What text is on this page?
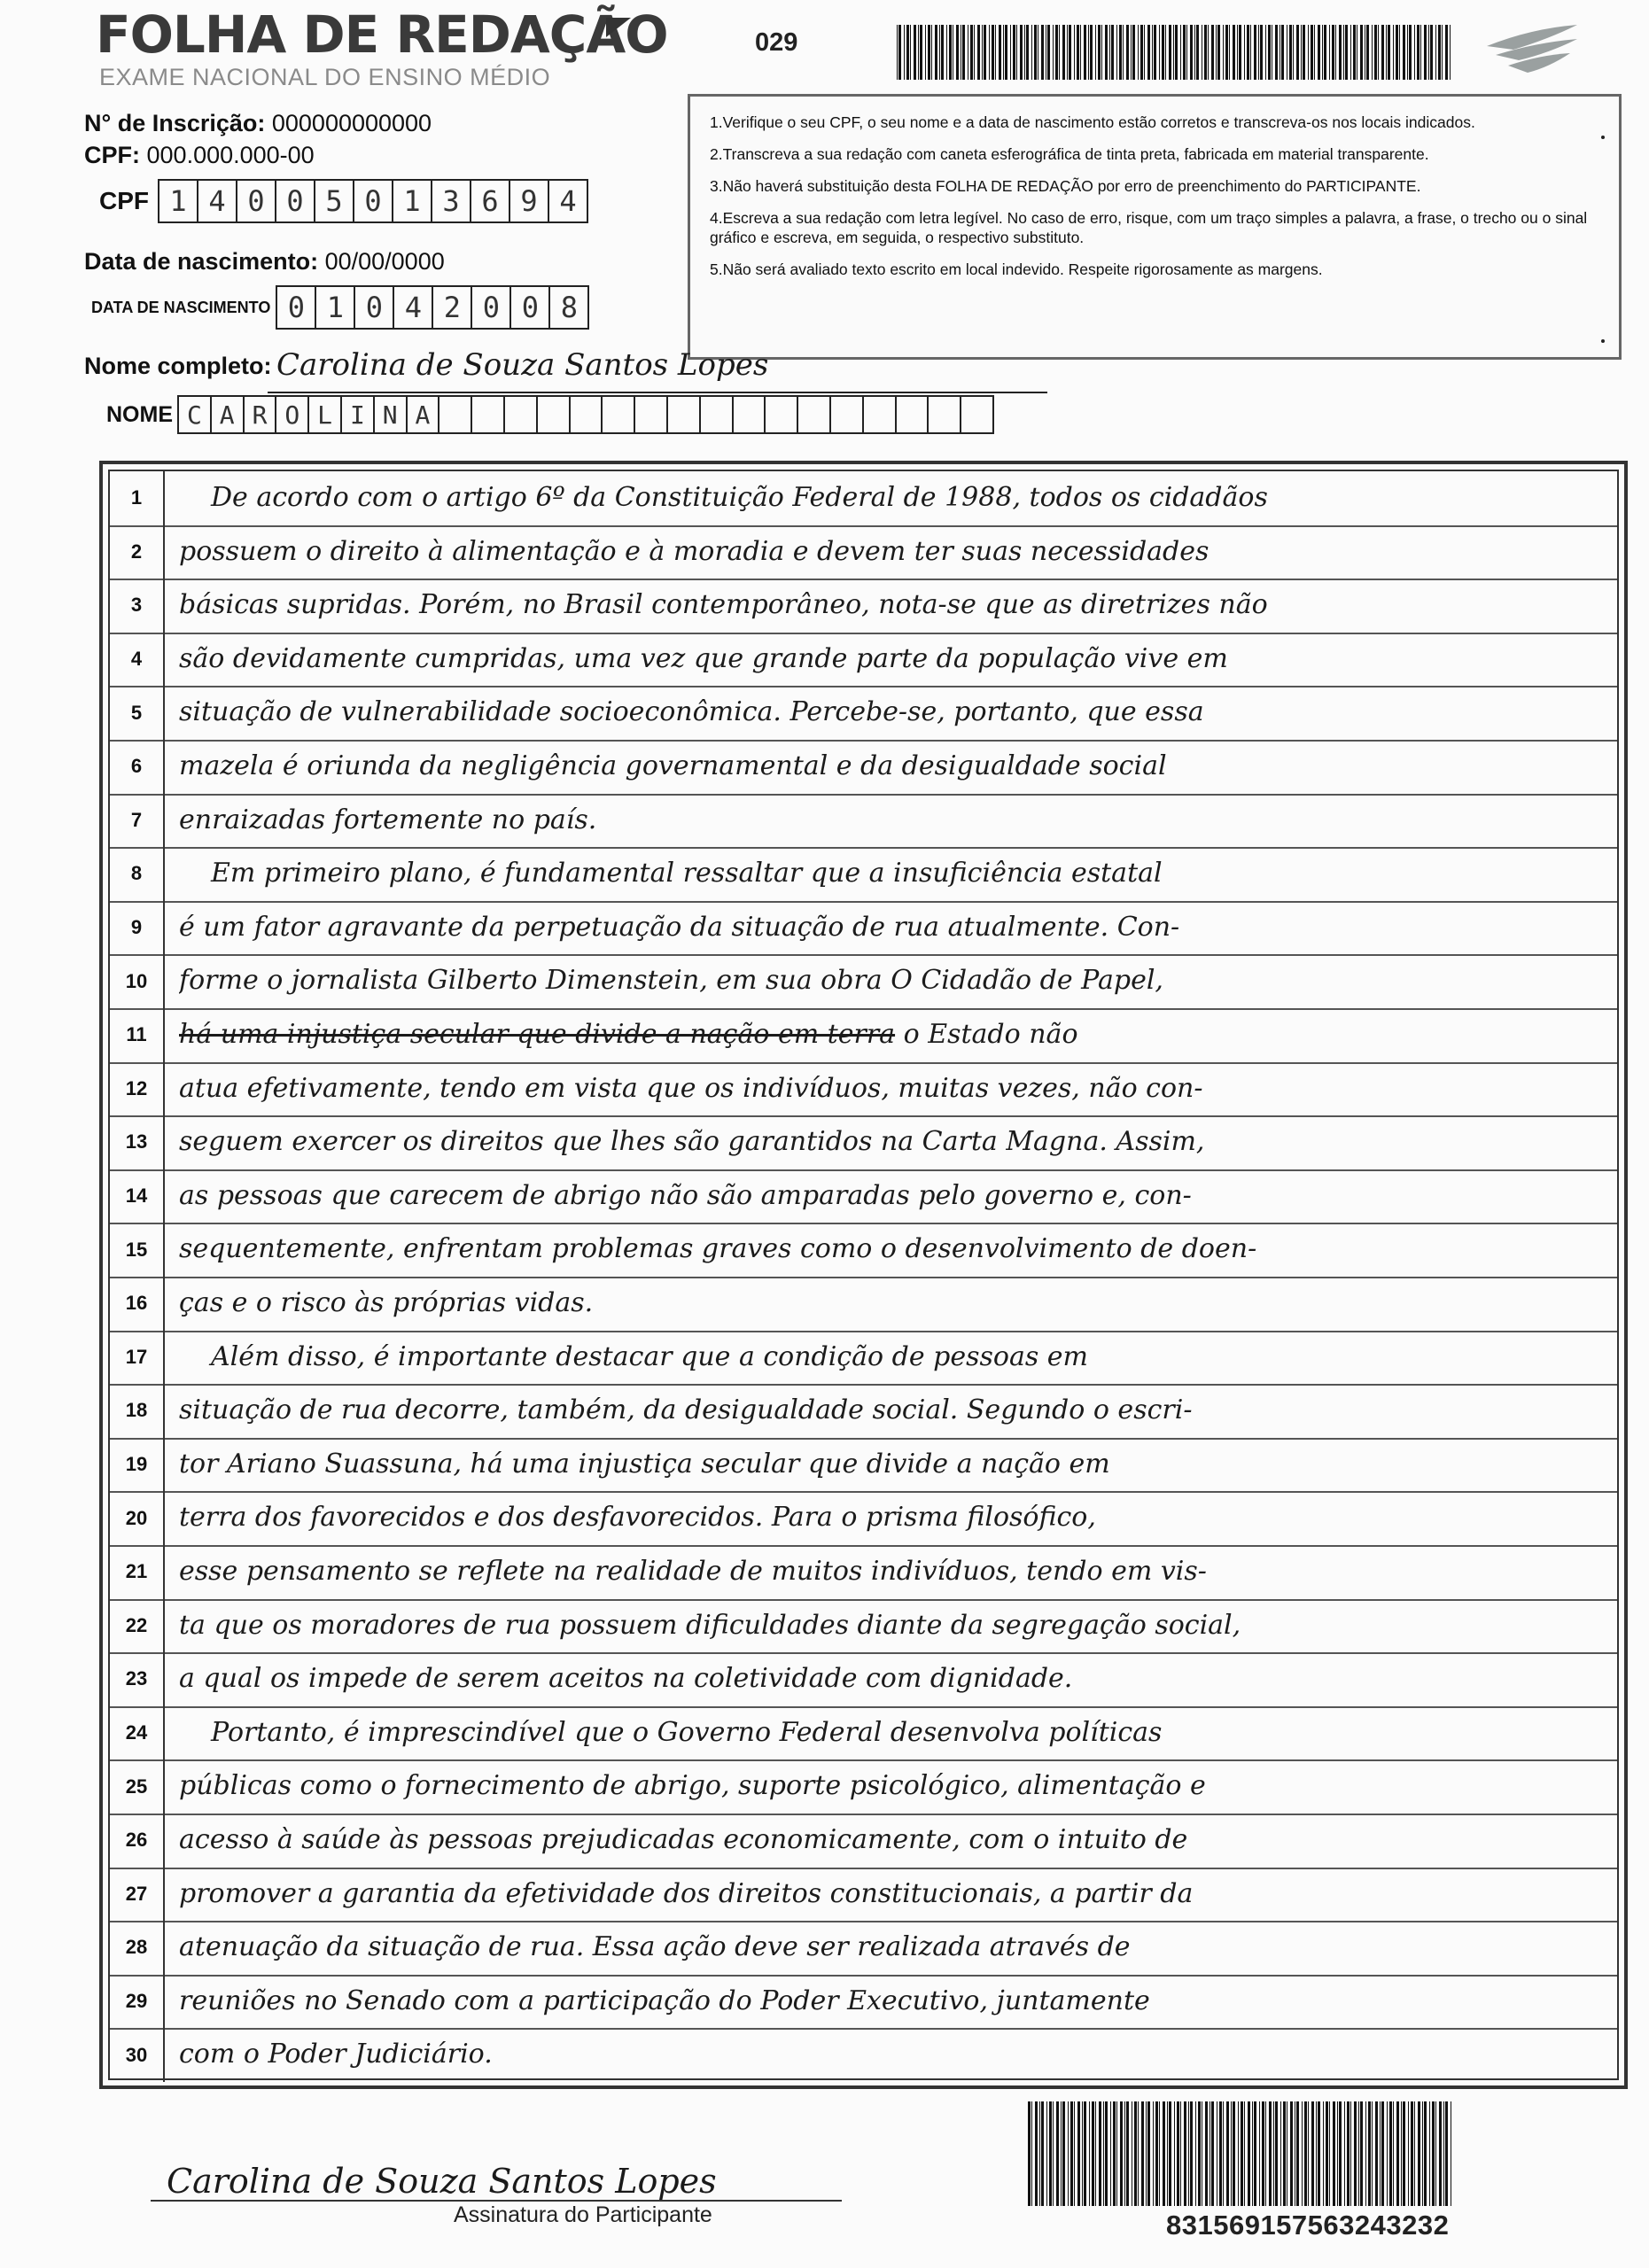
FOLHA DE REDAÇÃO
EXAME NACIONAL DO ENSINO MÉDIO
029
N° de Inscrição: 000000000000
CPF: 000.000.000-00
CPF 1 4 0 0 5 0 1 3 6 9 4
Data de nascimento: 00/00/0000
DATA DE NASCIMENTO 0 1 0 4 2 0 0 8

1.Verifique o seu CPF, o seu nome e a data de nascimento estão corretos e transcreva-os nos locais indicados.

2.Transcreva a sua redação com caneta esferográfica de tinta preta, fabricada em material transparente.

3.Não haverá substituição desta FOLHA DE REDAÇÃO por erro de preenchimento do PARTICIPANTE.

4.Escreva a sua redação com letra legível. No caso de erro, risque, com um traço simples a palavra, a frase, o trecho ou o sinal gráfico e escreva, em seguida, o respectivo substituto.

5.Não será avaliado texto escrito em local indevido. Respeite rigorosamente as margens.

Nome completo: Carolina de Souza Santos Lopes
NOME C A R O L I N A
1	De acordo com o artigo 6º da Constituição Federal de 1988, todos os cidadãos
2	possuem o direito à alimentação e à moradia e devem ter suas necessidades
3	básicas supridas. Porém, no Brasil contemporâneo, nota-se que as diretrizes não
4	são devidamente cumpridas, uma vez que grande parte da população vive em
5	situação de vulnerabilidade socioeconômica. Percebe-se, portanto, que essa
6	mazela é oriunda da negligência governamental e da desigualdade social
7	enraizadas fortemente no país.
8	Em primeiro plano, é fundamental ressaltar que a insuficiência estatal
9	é um fator agravante da perpetuação da situação de rua atualmente. Con-
10	forme o jornalista Gilberto Dimenstein, em sua obra O Cidadão de Papel,
11	há uma injustiça secular que divide a nação em terra o Estado não
12	atua efetivamente, tendo em vista que os indivíduos, muitas vezes, não con-
13	seguem exercer os direitos que lhes são garantidos na Carta Magna. Assim,
14	as pessoas que carecem de abrigo não são amparadas pelo governo e, con-
15	sequentemente, enfrentam problemas graves como o desenvolvimento de doen-
16	ças e o risco às próprias vidas.
17	Além disso, é importante destacar que a condição de pessoas em
18	situação de rua decorre, também, da desigualdade social. Segundo o escri-
19	tor Ariano Suassuna, há uma injustiça secular que divide a nação em
20	terra dos favorecidos e dos desfavorecidos. Para o prisma filosófico,
21	esse pensamento se reflete na realidade de muitos indivíduos, tendo em vis-
22	ta que os moradores de rua possuem dificuldades diante da segregação social,
23	a qual os impede de serem aceitos na coletividade com dignidade.
24	Portanto, é imprescindível que o Governo Federal desenvolva políticas
25	públicas como o fornecimento de abrigo, suporte psicológico, alimentação e
26	acesso à saúde às pessoas prejudicadas economicamente, com o intuito de
27	promover a garantia da efetividade dos direitos constitucionais, a partir da
28	atenuação da situação de rua. Essa ação deve ser realizada através de
29	reuniões no Senado com a participação do Poder Executivo, juntamente
30	com o Poder Judiciário.
Carolina de Souza Santos Lopes
Assinatura do Participante	831569157563243232
